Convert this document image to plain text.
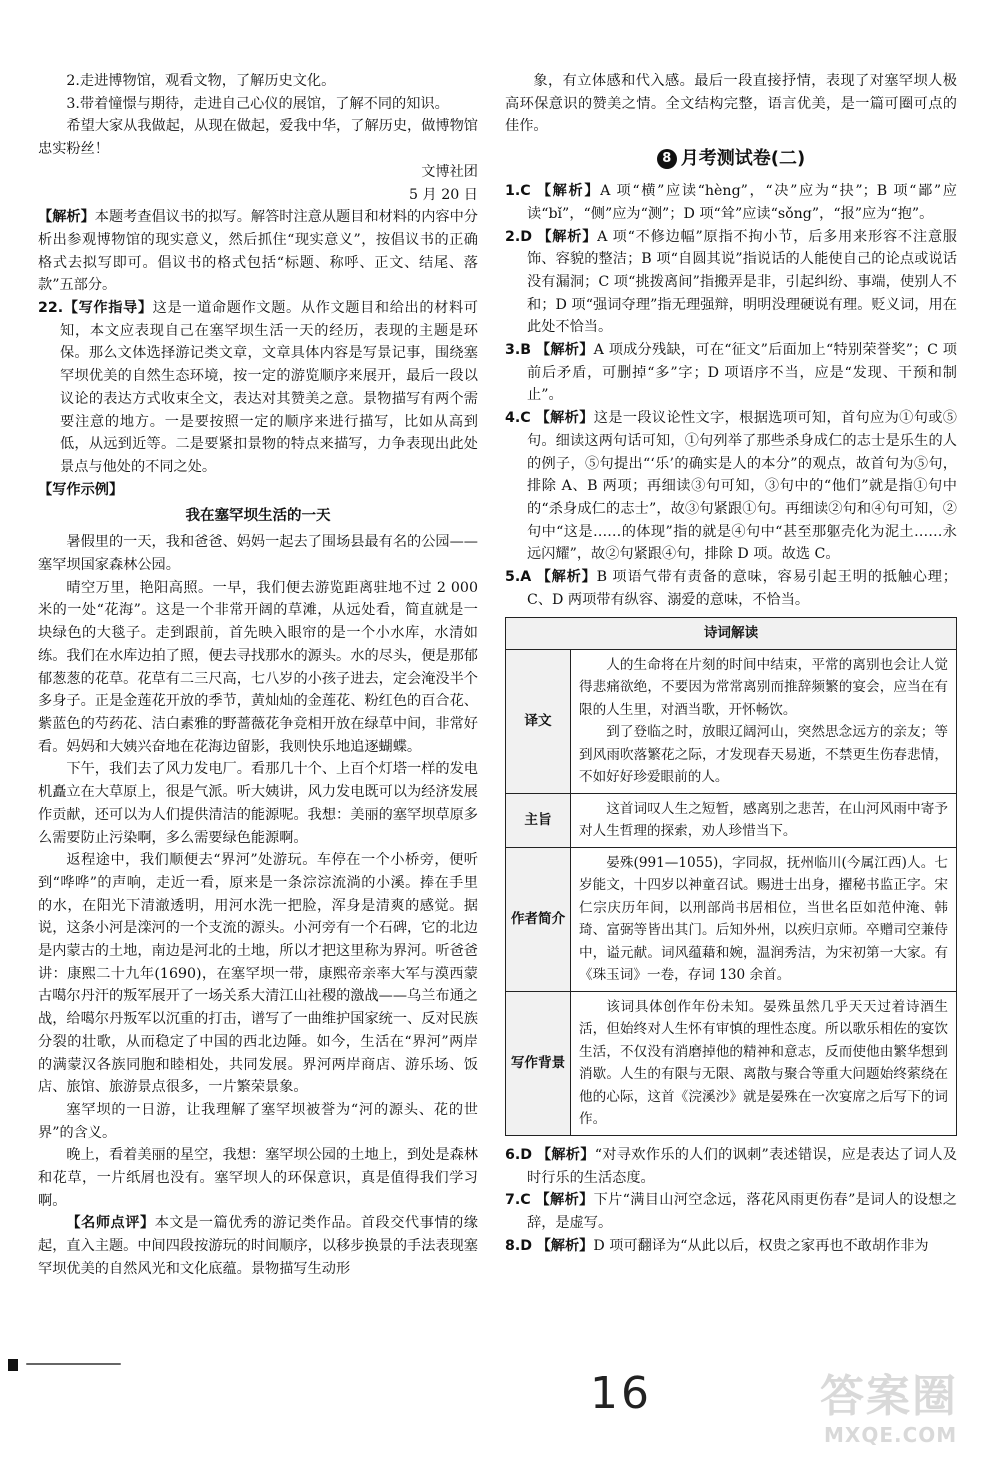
2.走进博物馆，观看文物，了解历史文化。

3.带着憧憬与期待，走进自己心仪的展馆，了解不同的知识。

希望大家从我做起，从现在做起，爱我中华，了解历史，做博物馆忠实粉丝！

文博社团

5 月 20 日

【解析】本题考查倡议书的拟写。解答时注意从题目和材料的内容中分析出参观博物馆的现实意义，然后抓住“现实意义”，按倡议书的正确格式去拟写即可。倡议书的格式包括“标题、称呼、正文、结尾、落款”五部分。

22.【写作指导】这是一道命题作文题。从作文题目和给出的材料可知，本文应表现自己在塞罕坝生活一天的经历，表现的主题是环保。那么文体选择游记类文章，文章具体内容是写景记事，围绕塞罕坝优美的自然生态环境，按一定的游览顺序来展开，最后一段以议论的表达方式收束全文，表达对其赞美之意。景物描写有两个需要注意的地方。一是要按照一定的顺序来进行描写，比如从高到低，从远到近等。二是要紧扣景物的特点来描写，力争表现出此处景点与他处的不同之处。

【写作示例】

我在塞罕坝生活的一天

暑假里的一天，我和爸爸、妈妈一起去了围场县最有名的公园——塞罕坝国家森林公园。

晴空万里，艳阳高照。一早，我们便去游览距离驻地不过 2 000 米的一处“花海”。这是一个非常开阔的草滩，从远处看，简直就是一块绿色的大毯子。走到跟前，首先映入眼帘的是一个小水库，水清如练。我们在水库边拍了照，便去寻找那水的源头。水的尽头，便是那郁郁葱葱的花草。花草有二三尺高，七八岁的小孩子进去，定会淹没半个多身子。正是金莲花开放的季节，黄灿灿的金莲花、粉红色的百合花、紫蓝色的芍药花、洁白素雅的野蔷薇花争竞相开放在绿草中间，非常好看。妈妈和大姨兴奋地在花海边留影，我则快乐地追逐蝴蝶。

下午，我们去了风力发电厂。看那几十个、上百个灯塔一样的发电机矗立在大草原上，很是气派。听大姨讲，风力发电既可以为经济发展作贡献，还可以为人们提供清洁的能源呢。我想：美丽的塞罕坝草原多么需要防止污染啊，多么需要绿色能源啊。

返程途中，我们顺便去“界河”处游玩。车停在一个小桥旁，便听到“哗哗”的声响，走近一看，原来是一条淙淙流淌的小溪。捧在手里的水，在阳光下清澈透明，用河水洗一把脸，浑身是清爽的感觉。据说，这条小河是滦河的一个支流的源头。小河旁有一个石碑，它的北边是内蒙古的土地，南边是河北的土地，所以才把这里称为界河。听爸爸讲：康熙二十九年(1690)，在塞罕坝一带，康熙帝亲率大军与漠西蒙古噶尔丹汗的叛军展开了一场关系大清江山社稷的激战——乌兰布通之战，给噶尔丹叛军以沉重的打击，谱写了一曲维护国家统一、反对民族分裂的壮歌，从而稳定了中国的西北边陲。如今，生活在“界河”两岸的满蒙汉各族同胞和睦相处，共同发展。界河两岸商店、游乐场、饭店、旅馆、旅游景点很多，一片繁荣景象。

塞罕坝的一日游，让我理解了塞罕坝被誉为“河的源头、花的世界”的含义。

晚上，看着美丽的星空，我想：塞罕坝公园的土地上，到处是森林和花草，一片纸屑也没有。塞罕坝人的环保意识，真是值得我们学习啊。

【名师点评】本文是一篇优秀的游记类作品。首段交代事情的缘起，直入主题。中间四段按游玩的时间顺序，以移步换景的手法表现塞罕坝优美的自然风光和文化底蕴。景物描写生动形

象，有立体感和代入感。最后一段直接抒情，表现了对塞罕坝人极高环保意识的赞美之情。全文结构完整，语言优美，是一篇可圈可点的佳作。

8 月考测试卷(二)

1.C 【解析】A 项“横”应读“hèng”，“决”应为“抉”；B 项“鄙”应读“bǐ”，“侧”应为“测”；D 项“耸”应读“sǒng”，“报”应为“抱”。

2.D 【解析】A 项“不修边幅”原指不拘小节，后多用来形容不注意服饰、容貌的整洁；B 项“自圆其说”指说话的人能使自己的论点或说话没有漏洞；C 项“挑拨离间”指搬弄是非，引起纠纷、事端，使别人不和；D 项“强词夺理”指无理强辩，明明没理硬说有理。贬义词，用在此处不恰当。

3.B 【解析】A 项成分残缺，可在“征文”后面加上“特别荣誉奖”；C 项前后矛盾，可删掉“多”字；D 项语序不当，应是“发现、干预和制止”。

4.C 【解析】这是一段议论性文字，根据选项可知，首句应为①句或⑤句。细读这两句话可知，①句列举了那些杀身成仁的志士是乐生的人的例子，⑤句提出“‘乐’的确实是人的本分”的观点，故首句为⑤句，排除 A、B 两项；再细读③句可知，③句中的“他们”就是指①句中的“杀身成仁的志士”，故③句紧跟①句。再细读②句和④句可知，②句中“这是……的体现”指的就是④句中“甚至那躯壳化为泥土……永远闪耀”，故②句紧跟④句，排除 D 项。故选 C。

5.A 【解析】B 项语气带有责备的意味，容易引起王明的抵触心理；C、D 两项带有纵容、溺爱的意味，不恰当。

诗词解读	
译文	人的生命将在片刻的时间中结束，平常的离别也会让人觉得悲痛欲绝，不要因为常常离别而推辞频繁的宴会，应当在有限的人生里，对酒当歌，开怀畅饮。
到了登临之时，放眼辽阔河山，突然思念远方的亲友；等到风雨吹落繁花之际，才发现春天易逝，不禁更生伤春悲情，不如好好珍爱眼前的人。

主旨	这首词叹人生之短暂，感离别之悲苦，在山河风雨中寄予对人生哲理的探索，劝人珍惜当下。

作者简介	晏殊(991—1055)，字同叔，抚州临川(今属江西)人。七岁能文，十四岁以神童召试。赐进士出身，擢秘书监正字。宋仁宗庆历年间，以刑部尚书居相位，当世名臣如范仲淹、韩琦、富弼等皆出其门。后知外州，以疾归京师。卒赠司空兼侍中，谥元献。词风蕴藉和婉，温润秀洁，为宋初第一大家。有《珠玉词》一卷，存词 130 余首。

写作背景	该词具体创作年份未知。晏殊虽然几乎天天过着诗酒生活，但始终对人生怀有审慎的理性态度。所以歌乐相佐的宴饮生活，不仅没有消磨掉他的精神和意志，反而使他由繁华想到消歇。人生的有限与无限、离散与聚合等重大问题始终萦绕在他的心际，这首《浣溪沙》就是晏殊在一次宴席之后写下的词作。

6.D 【解析】“对寻欢作乐的人们的讽刺”表述错误，应是表达了词人及时行乐的生活态度。

7.C 【解析】下片“满目山河空念远，落花风雨更伤春”是词人的设想之辞，是虚写。

8.D 【解析】D 项可翻译为“从此以后，权贵之家再也不敢胡作非为

16	答案圈
MXQE.COM
